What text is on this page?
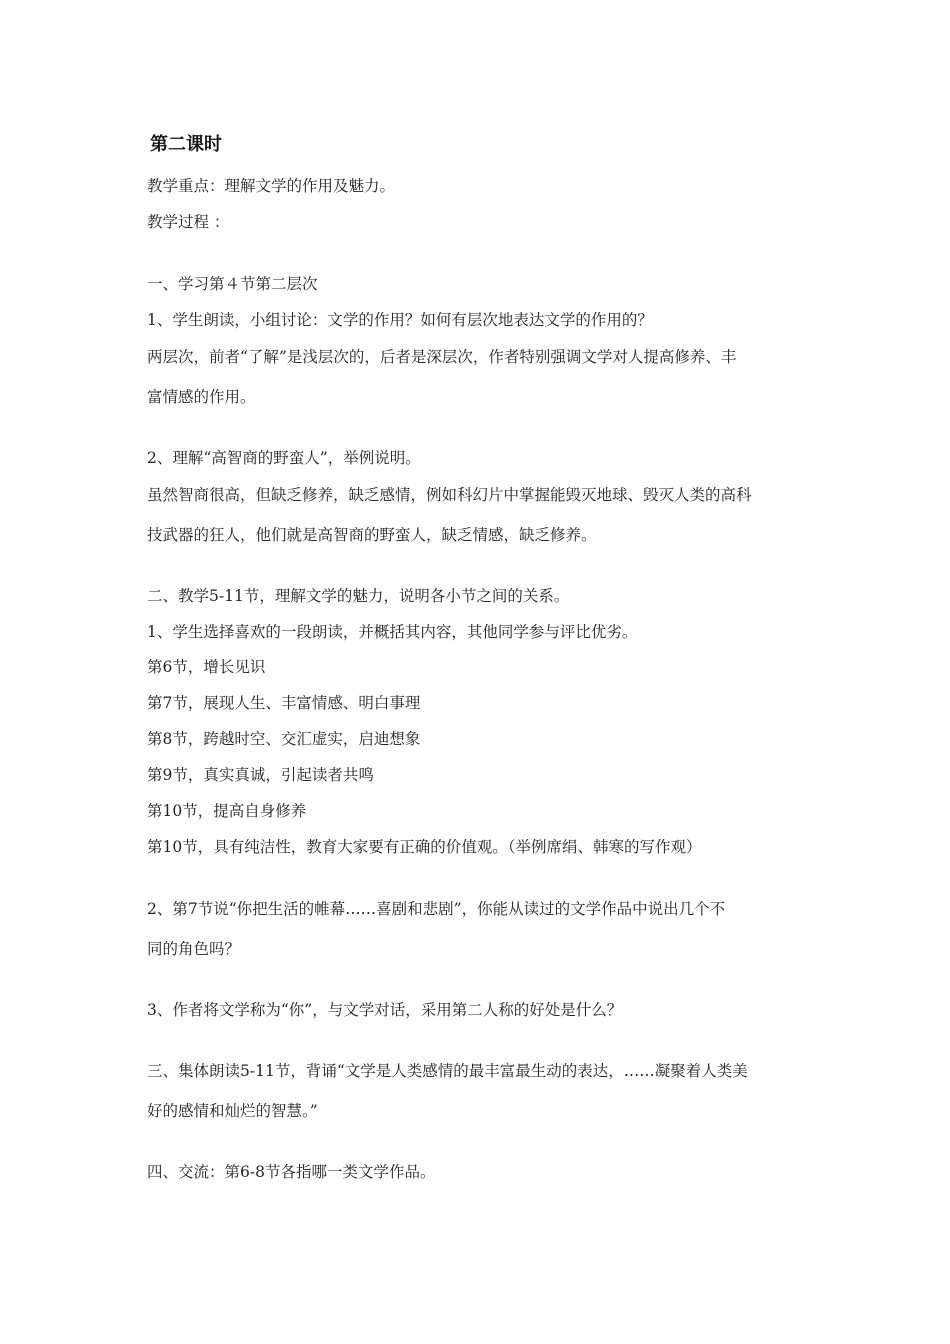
第二课时
教学重点：理解文学的作用及魅力。
教学过程 ：
一、学习第４节第二层次
1、学生朗读，小组讨论：文学的作用？如何有层次地表达文学的作用的？
两层次，前者“了解”是浅层次的，后者是深层次，作者特别强调文学对人提高修养、丰
富情感的作用。
2、理解“高智商的野蛮人”，举例说明。
虽然智商很高，但缺乏修养，缺乏感情，例如科幻片中掌握能毁灭地球、毁灭人类的高科
技武器的狂人，他们就是高智商的野蛮人，缺乏情感，缺乏修养。
二、教学5-11节，理解文学的魅力，说明各小节之间的关系。
1、学生选择喜欢的一段朗读，并概括其内容，其他同学参与评比优劣。
第6节，增长见识
第7节，展现人生、丰富情感、明白事理
第8节，跨越时空、交汇虚实，启迪想象
第9节，真实真诚，引起读者共鸣
第10节，提高自身修养
第10节，具有纯洁性，教育大家要有正确的价值观。（举例席绢、韩寒的写作观）
2、第7节说“你把生活的帷幕……喜剧和悲剧”，你能从读过的文学作品中说出几个不
同的角色吗？
3、作者将文学称为“你”，与文学对话，采用第二人称的好处是什么？
三、集体朗读5-11节，背诵“文学是人类感情的最丰富最生动的表达，……凝聚着人类美
好的感情和灿烂的智慧。”
四、交流：第6-8节各指哪一类文学作品。
